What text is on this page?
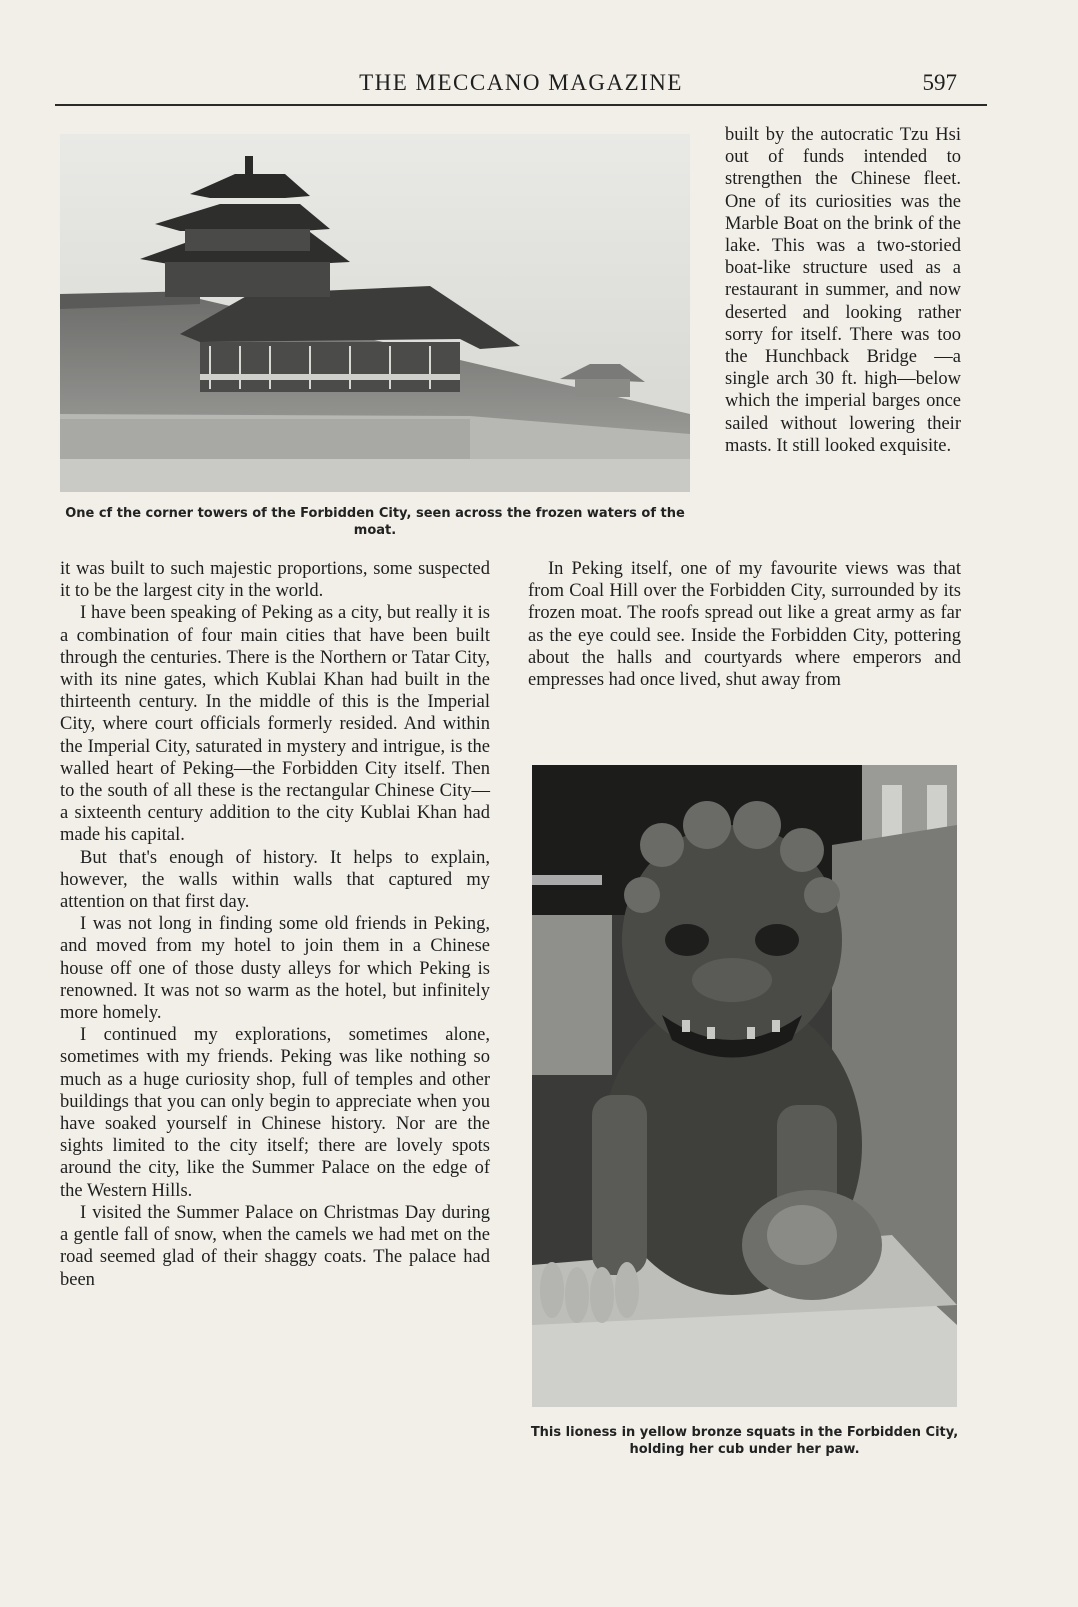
THE MECCANO MAGAZINE	597
One cf the corner towers of the Forbidden City, seen across the frozen waters of the moat.

built by the autocratic Tzu Hsi out of funds intended to strengthen the Chinese fleet. One of its curiosities was the Marble Boat on the brink of the lake. This was a two-storied boat-like structure used as a restaurant in summer, and now deserted and looking rather sorry for itself. There was too the Hunchback Bridge —a single arch 30 ft. high—below which the imperial barges once sailed without lowering their masts. It still looked exquisite.

In Peking itself, one of my favourite views was that from Coal Hill over the Forbidden City, surrounded by its frozen moat. The roofs spread out like a great army as far as the eye could see. Inside the Forbidden City, pottering about the halls and courtyards where emperors and empresses had once lived, shut away from

it was built to such majestic proportions, some suspected it to be the largest city in the world.

I have been speaking of Peking as a city, but really it is a combination of four main cities that have been built through the centuries. There is the Northern or Tatar City, with its nine gates, which Kublai Khan had built in the thirteenth century. In the middle of this is the Imperial City, where court officials formerly resided. And within the Imperial City, saturated in mystery and intrigue, is the walled heart of Peking—the Forbidden City itself. Then to the south of all these is the rectangular Chinese City—a sixteenth century addition to the city Kublai Khan had made his capital.

But that's enough of history. It helps to explain, however, the walls within walls that captured my attention on that first day.

I was not long in finding some old friends in Peking, and moved from my hotel to join them in a Chinese house off one of those dusty alleys for which Peking is renowned. It was not so warm as the hotel, but infinitely more homely.

I continued my explorations, sometimes alone, sometimes with my friends. Peking was like nothing so much as a huge curiosity shop, full of temples and other buildings that you can only begin to appreciate when you have soaked yourself in Chinese history. Nor are the sights limited to the city itself; there are lovely spots around the city, like the Summer Palace on the edge of the Western Hills.

I visited the Summer Palace on Christmas Day during a gentle fall of snow, when the camels we had met on the road seemed glad of their shaggy coats. The palace had been

This lioness in yellow bronze squats in the Forbidden City, holding her cub under her paw.
